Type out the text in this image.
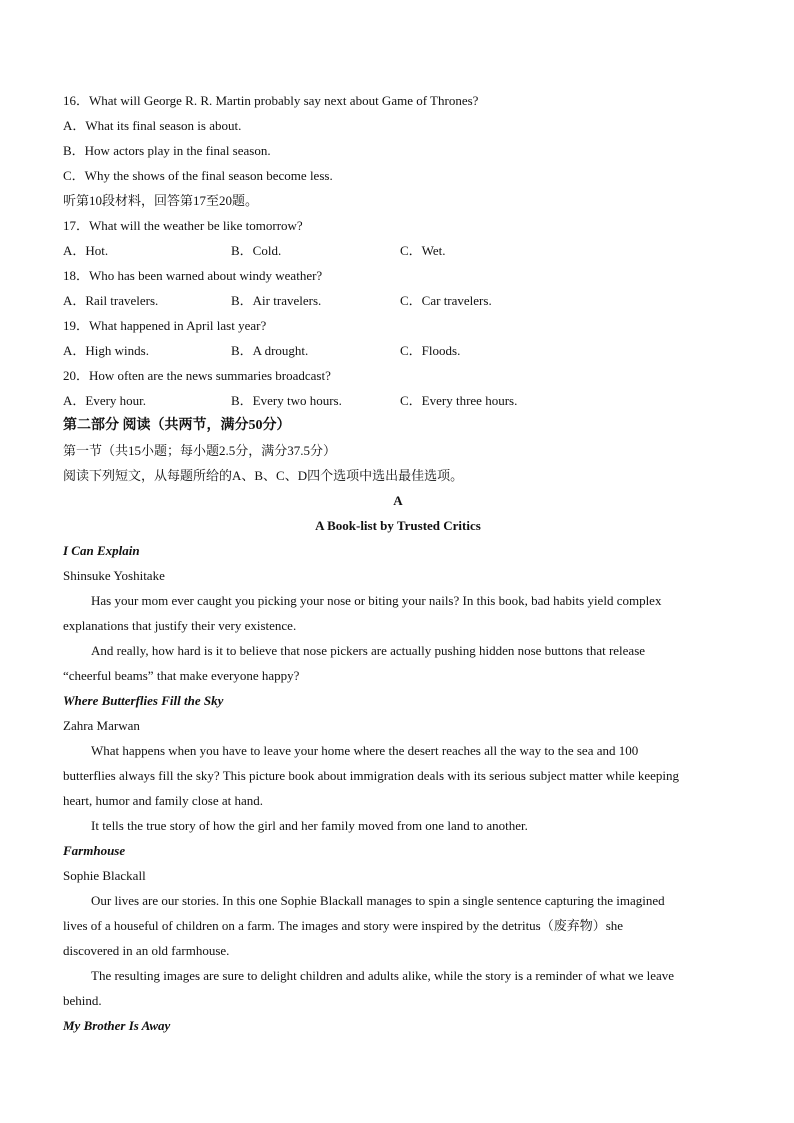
16．What will George R. R. Martin probably say next about Game of Thrones?
A．What its final season is about.
B．How actors play in the final season.
C．Why the shows of the final season become less.
听第10段材料，回答第17至20题。
17．What will the weather be like tomorrow?
A．Hot.	B．Cold.	C．Wet.
18．Who has been warned about windy weather?
A．Rail travelers.	B．Air travelers.	C．Car travelers.
19．What happened in April last year?
A．High winds.	B．A drought.	C．Floods.
20．How often are the news summaries broadcast?
A．Every hour.	B．Every two hours.	C．Every three hours.
第二部分 阅读（共两节，满分50分）
第一节（共15小题；每小题2.5分，满分37.5分）
阅读下列短文，从每题所给的A、B、C、D四个选项中选出最佳选项。
A
A Book-list by Trusted Critics
I Can Explain
Shinsuke Yoshitake
Has your mom ever caught you picking your nose or biting your nails? In this book, bad habits yield complex
explanations that justify their very existence.
And really, how hard is it to believe that nose pickers are actually pushing hidden nose buttons that release
“cheerful beams” that make everyone happy?
Where Butterflies Fill the Sky
Zahra Marwan
What happens when you have to leave your home where the desert reaches all the way to the sea and 100
butterflies always fill the sky? This picture book about immigration deals with its serious subject matter while keeping
heart, humor and family close at hand.
It tells the true story of how the girl and her family moved from one land to another.
Farmhouse
Sophie Blackall
Our lives are our stories. In this one Sophie Blackall manages to spin a single sentence capturing the imagined
lives of a houseful of children on a farm. The images and story were inspired by the detritus（废弃物）she
discovered in an old farmhouse.
The resulting images are sure to delight children and adults alike, while the story is a reminder of what we leave
behind.
My Brother Is Away
